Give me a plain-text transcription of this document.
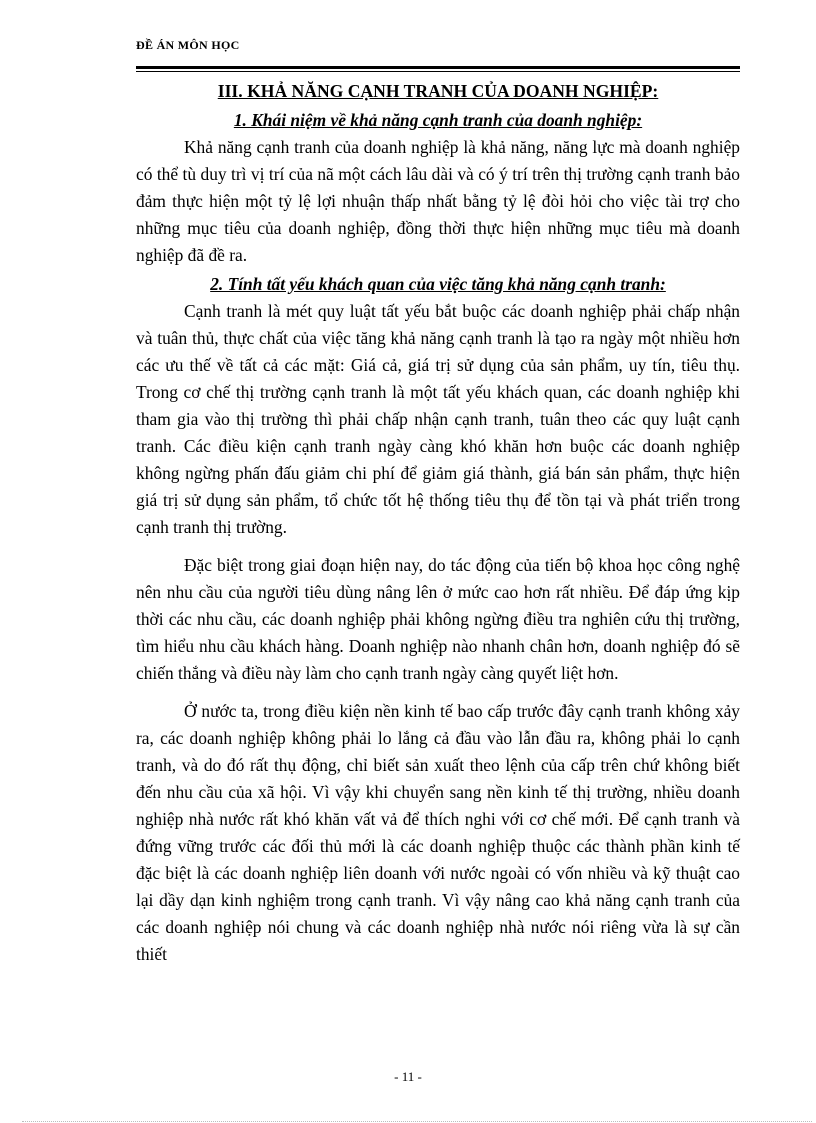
ĐỀ ÁN MÔN HỌC

III. KHẢ NĂNG CẠNH TRANH CỦA DOANH NGHIỆP:

1. Khái niệm về khả năng cạnh tranh của doanh nghiệp:

Khả năng cạnh tranh của doanh nghiệp là khả năng, năng lực mà doanh nghiệp có thể tù duy trì vị trí của nã một cách lâu dài và có ý trí trên thị trường cạnh tranh bảo đảm thực hiện một tỷ lệ lợi nhuận thấp nhất bằng tỷ lệ đòi hỏi cho việc tài trợ cho những mục tiêu của doanh nghiệp, đồng thời thực hiện những mục tiêu mà doanh nghiệp đã đề ra.

2. Tính tất yếu khách quan của việc tăng khả năng cạnh tranh:

Cạnh tranh là mét quy luật tất yếu bắt buộc các doanh nghiệp phải chấp nhận và tuân thủ, thực chất của việc tăng khả năng cạnh tranh là tạo ra ngày một nhiều hơn các ưu thế về tất cả các mặt: Giá cả, giá trị sử dụng của sản phẩm, uy tín, tiêu thụ. Trong cơ chế thị trường cạnh tranh là một tất yếu khách quan, các doanh nghiệp khi tham gia vào thị trường thì phải chấp nhận cạnh tranh, tuân theo các quy luật cạnh tranh. Các điều kiện cạnh tranh ngày càng khó khăn hơn buộc các doanh nghiệp không ngừng phấn đấu giảm chi phí để giảm giá thành, giá bán sản phẩm, thực hiện giá trị sử dụng sản phẩm, tổ chức tốt hệ thống tiêu thụ để tồn tại và phát triển trong cạnh tranh thị trường.

Đặc biệt trong giai đoạn hiện nay, do tác động của tiến bộ khoa học công nghệ nên nhu cầu của người tiêu dùng nâng lên ở mức cao hơn rất nhiều. Để đáp ứng kịp thời các nhu cầu, các doanh nghiệp phải không ngừng điều tra nghiên cứu thị trường, tìm hiểu nhu cầu khách hàng. Doanh nghiệp nào nhanh chân hơn, doanh nghiệp đó sẽ chiến thắng và điều này làm cho cạnh tranh ngày càng quyết liệt hơn.

Ở nước ta, trong điều kiện nền kinh tế bao cấp trước đây cạnh tranh không xảy ra, các doanh nghiệp không phải lo lắng cả đầu vào lẫn đầu ra, không phải lo cạnh tranh, và do đó rất thụ động, chỉ biết sản xuất theo lệnh của cấp trên chứ không biết đến nhu cầu của xã hội. Vì vậy khi chuyển sang nền kinh tế thị trường, nhiều doanh nghiệp nhà nước rất khó khăn vất vả để thích nghi với cơ chế mới. Để cạnh tranh và đứng vững trước các đối thủ mới là các doanh nghiệp thuộc các thành phần kinh tế đặc biệt là các doanh nghiệp liên doanh với nước ngoài có vốn nhiều và kỹ thuật cao lại dầy dạn kinh nghiệm trong cạnh tranh. Vì vậy nâng cao khả năng cạnh tranh của các doanh nghiệp nói chung và các doanh nghiệp nhà nước nói riêng vừa là sự cần thiết

- 11 -
